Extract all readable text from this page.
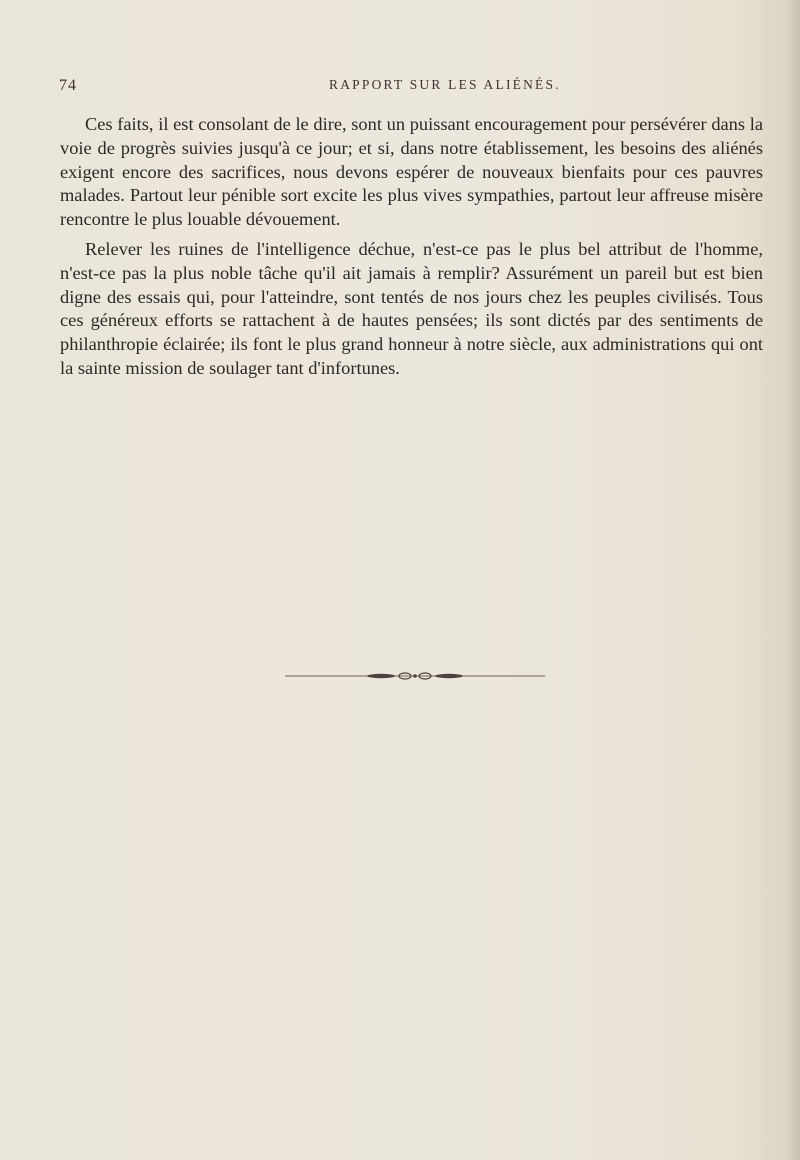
74	RAPPORT SUR LES ALIÉNÉS.

Ces faits, il est consolant de le dire, sont un puissant encouragement pour persévérer dans la voie de progrès suivies jusqu'à ce jour; et si, dans notre établissement, les besoins des aliénés exigent encore des sacrifices, nous devons espérer de nouveaux bienfaits pour ces pauvres malades. Partout leur pénible sort excite les plus vives sympathies, partout leur affreuse misère rencontre le plus louable dévouement.

Relever les ruines de l'intelligence déchue, n'est-ce pas le plus bel attribut de l'homme, n'est-ce pas la plus noble tâche qu'il ait jamais à remplir? Assurément un pareil but est bien digne des essais qui, pour l'atteindre, sont tentés de nos jours chez les peuples civilisés. Tous ces généreux efforts se rattachent à de hautes pensées; ils sont dictés par des sentiments de philanthropie éclairée; ils font le plus grand honneur à notre siècle, aux administrations qui ont la sainte mission de soulager tant d'infortunes.
